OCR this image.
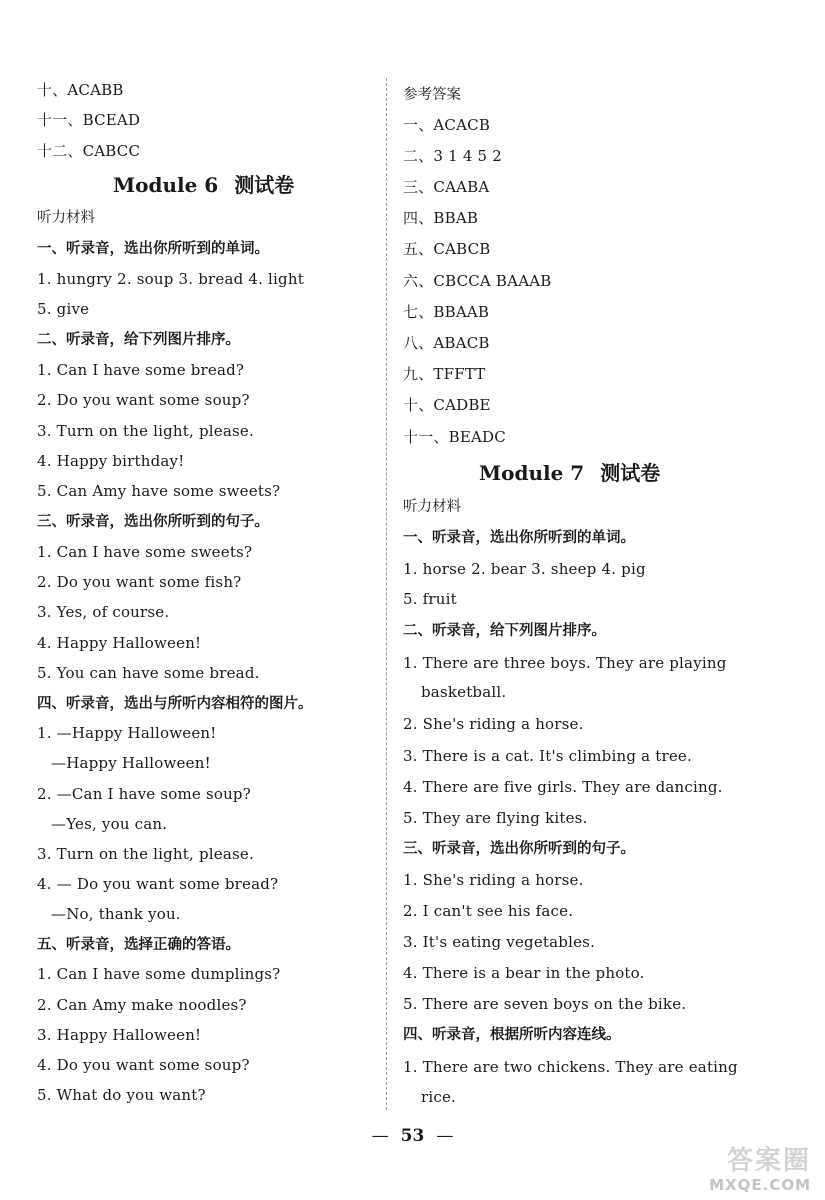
十、ACABB
十一、BCEAD
十二、CABCC
Module 6 测试卷
听力材料
一、听录音，选出你所听到的单词。
1. hungry 2. soup 3. bread 4. light
5. give
二、听录音，给下列图片排序。
1. Can I have some bread?
2. Do you want some soup?
3. Turn on the light, please.
4. Happy birthday!
5. Can Amy have some sweets?
三、听录音，选出你所听到的句子。
1. Can I have some sweets?
2. Do you want some fish?
3. Yes, of course.
4. Happy Halloween!
5. You can have some bread.
四、听录音，选出与所听内容相符的图片。
1. —Happy Halloween!
—Happy Halloween!
2. —Can I have some soup?
—Yes, you can.
3. Turn on the light, please.
4. — Do you want some bread?
—No, thank you.
五、听录音，选择正确的答语。
1. Can I have some dumplings?
2. Can Amy make noodles?
3. Happy Halloween!
4. Do you want some soup?
5. What do you want?
参考答案
一、ACACB
二、3 1 4 5 2
三、CAABA
四、BBAB
五、CABCB
六、CBCCA BAAAB
七、BBAAB
八、ABACB
九、TFFTT
十、CADBE
十一、BEADC
Module 7 测试卷
听力材料
一、听录音，选出你所听到的单词。
1. horse 2. bear 3. sheep 4. pig
5. fruit
二、听录音，给下列图片排序。
1. There are three boys. They are playing
basketball.
2. She's riding a horse.
3. There is a cat. It's climbing a tree.
4. There are five girls. They are dancing.
5. They are flying kites.
三、听录音，选出你所听到的句子。
1. She's riding a horse.
2. I can't see his face.
3. It's eating vegetables.
4. There is a bear in the photo.
5. There are seven boys on the bike.
四、听录音，根据所听内容连线。
1. There are two chickens. They are eating
rice.
— 53 —
答案圈
MXQE.COM
